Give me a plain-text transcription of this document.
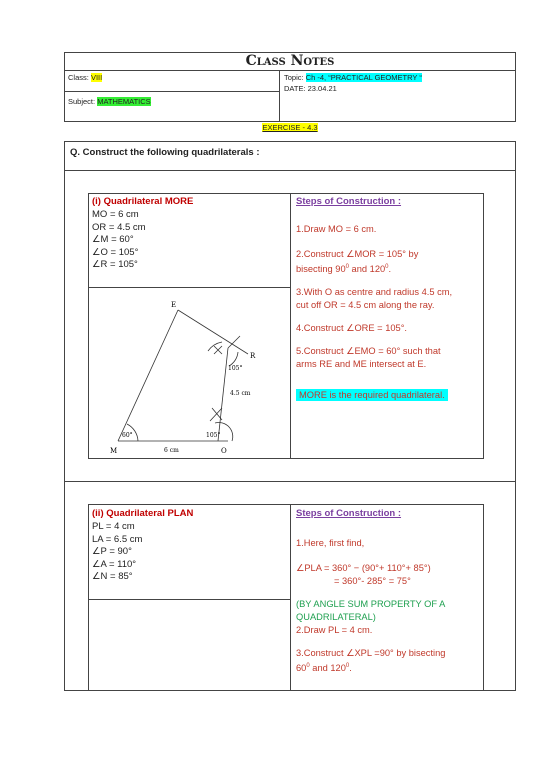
Class Notes
Class: VIII	Topic: Ch -4, “PRACTICAL GEOMETRY “
DATE: 23.04.21
Subject: MATHEMATICS
EXERCISE - 4.3
Q. Construct the following quadrilaterals :
(i) Quadrilateral MORE

MO = 6 cm

OR = 4.5 cm

∠M = 60°

∠O = 105°

∠R = 105°

Steps of Construction :

1.Draw MO = 6 cm.

2.Construct ∠MOR = 105° by

bisecting $90^0$ and $120^0$.

3.With O as centre and radius 4.5 cm,

cut off OR = 4.5 cm along the ray.

4.Construct ∠ORE = 105°.

5.Construct ∠EMO = 60° such that

arms RE and ME intersect at E.

MORE is the required quadrilateral.

E
R
M	O
105°
60°	105°
6 cm
4.5 cm
(ii) Quadrilateral PLAN

PL = 4 cm

LA = 6.5 cm

∠P = 90°

∠A = 110°

∠N = 85°

Steps of Construction :

1.Here, first find,

∠PLA = 360° − (90°+ 110°+ 85°)

= 360°- 285° = 75°

(BY ANGLE SUM PROPERTY OF A

QUADRILATERAL)

2.Draw PL = 4 cm.

3.Construct ∠XPL =90° by bisecting

$60^0$ and $120^0$.
